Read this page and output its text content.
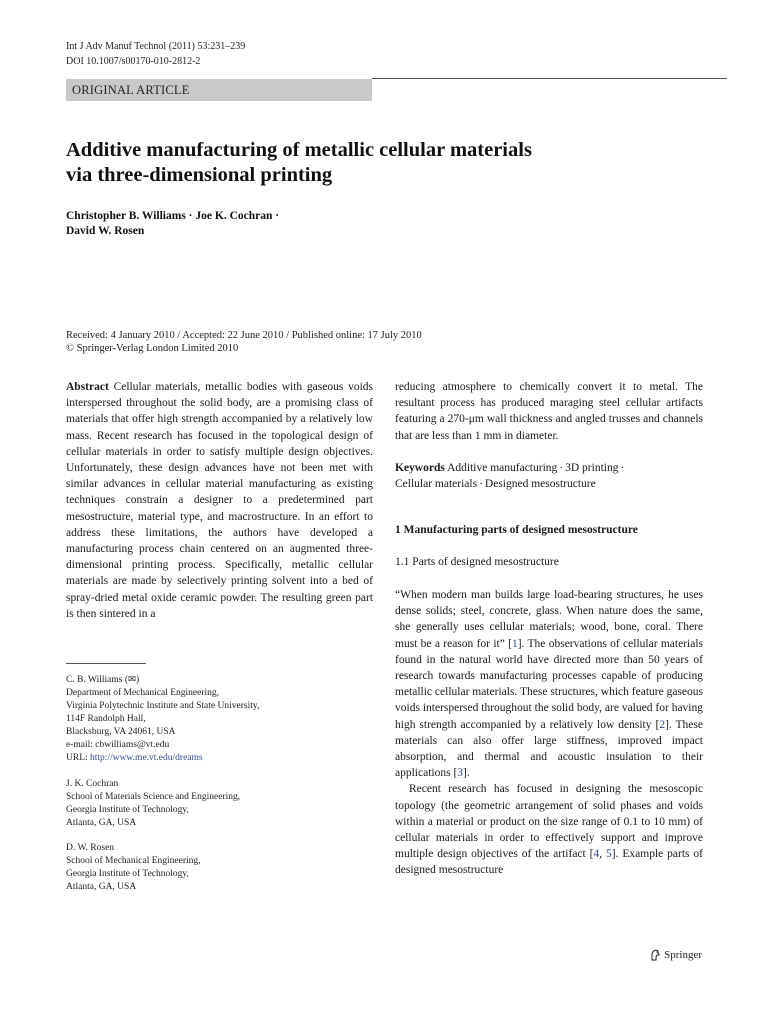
Int J Adv Manuf Technol (2011) 53:231–239
DOI 10.1007/s00170-010-2812-2
ORIGINAL ARTICLE
Additive manufacturing of metallic cellular materials
via three-dimensional printing
Christopher B. Williams · Joe K. Cochran ·
David W. Rosen
Received: 4 January 2010 / Accepted: 22 June 2010 / Published online: 17 July 2010
© Springer-Verlag London Limited 2010
Abstract Cellular materials, metallic bodies with gaseous voids interspersed throughout the solid body, are a promising class of materials that offer high strength accompanied by a relatively low mass. Recent research has focused in the topological design of cellular materials in order to satisfy multiple design objectives. Unfortunately, these design advances have not been met with similar advances in cellular material manufacturing as existing techniques constrain a designer to a predetermined part mesostructure, material type, and macrostructure. In an effort to address these limitations, the authors have developed a manufacturing process chain centered on an augmented three-dimensional printing process. Specifically, metallic cellular materials are made by selectively printing solvent into a bed of spray-dried metal oxide ceramic powder. The resulting green part is then sintered in a
C. B. Williams (✉)
Department of Mechanical Engineering,
Virginia Polytechnic Institute and State University,
114F Randolph Hall,
Blacksburg, VA 24061, USA
e-mail: cbwilliams@vt.edu
URL: http://www.me.vt.edu/dreams
J. K. Cochran
School of Materials Science and Engineering,
Georgia Institute of Technology,
Atlanta, GA, USA
D. W. Rosen
School of Mechanical Engineering,
Georgia Institute of Technology,
Atlanta, GA, USA
reducing atmosphere to chemically convert it to metal. The resultant process has produced maraging steel cellular artifacts featuring a 270-μm wall thickness and angled trusses and channels that are less than 1 mm in diameter.
Keywords Additive manufacturing · 3D printing ·
Cellular materials · Designed mesostructure
1 Manufacturing parts of designed mesostructure
1.1 Parts of designed mesostructure

“When modern man builds large load-bearing structures, he uses dense solids; steel, concrete, glass. When nature does the same, she generally uses cellular materials; wood, bone, coral. There must be a reason for it” [1]. The observations of cellular materials found in the natural world have directed more than 50 years of research towards manufacturing processes capable of producing metallic cellular materials. These structures, which feature gaseous voids interspersed throughout the solid body, are valued for having high strength accompanied by a relatively low density [2]. These materials can also offer large stiffness, improved impact absorption, and thermal and acoustic insulation to their applications [3].

Recent research has focused in designing the mesoscopic topology (the geometric arrangement of solid phases and voids within a material or product on the size range of 0.1 to 10 mm) of cellular materials in order to effectively support and improve multiple design objectives of the artifact [4, 5]. Example parts of designed mesostructure

Springer
